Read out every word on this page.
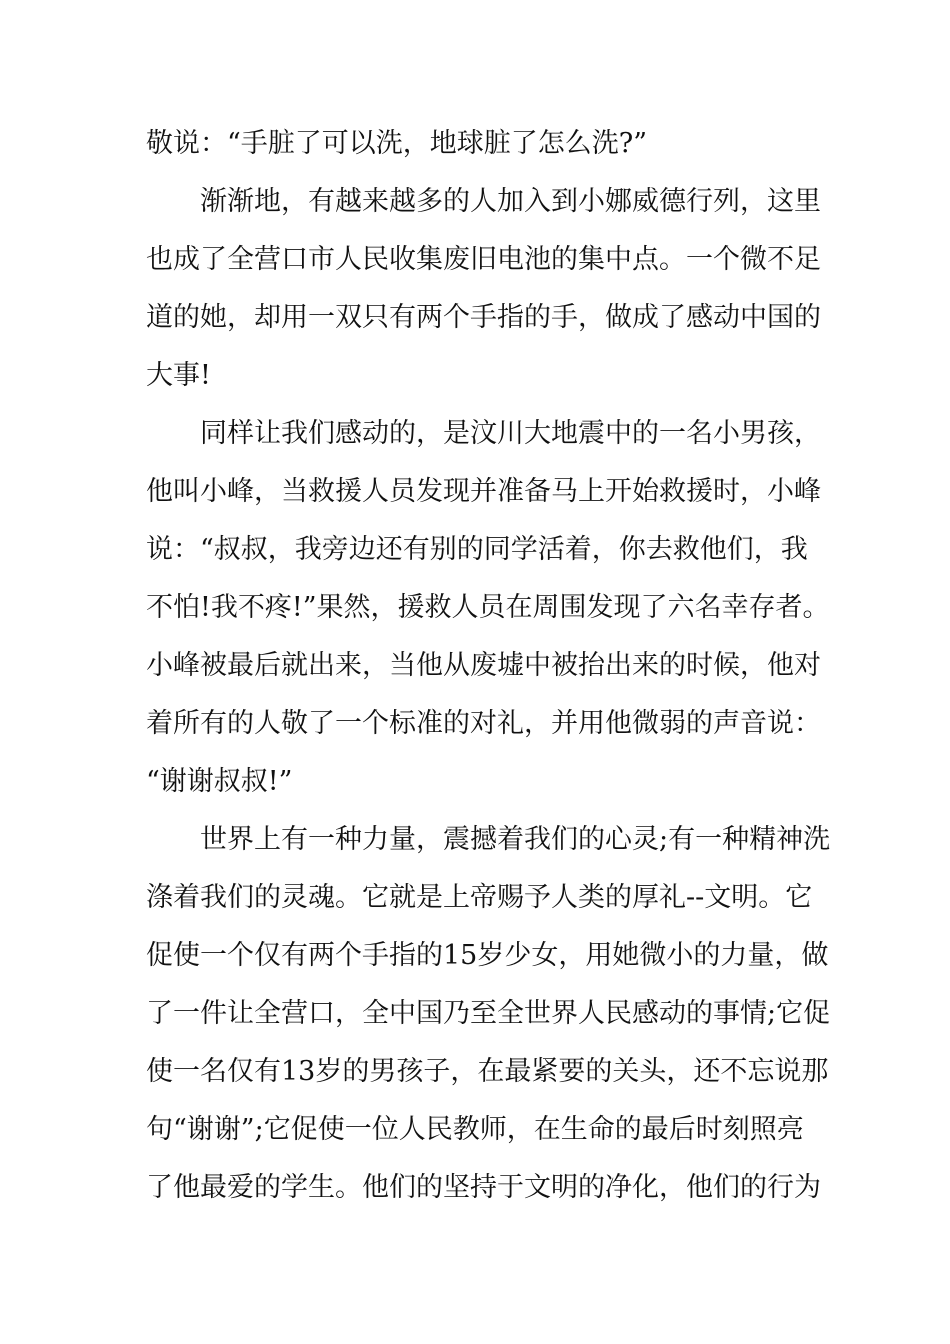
敬说：“手脏了可以洗，地球脏了怎么洗?”
渐渐地，有越来越多的人加入到小娜威德行列，这里
也成了全营口市人民收集废旧电池的集中点。一个微不足
道的她，却用一双只有两个手指的手，做成了感动中国的
大事!
同样让我们感动的，是汶川大地震中的一名小男孩，
他叫小峰，当救援人员发现并准备马上开始救援时，小峰
说：“叔叔，我旁边还有别的同学活着，你去救他们，我
不怕!我不疼!”果然，援救人员在周围发现了六名幸存者。
小峰被最后就出来，当他从废墟中被抬出来的时候，他对
着所有的人敬了一个标准的对礼，并用他微弱的声音说：
“谢谢叔叔!”
世界上有一种力量，震撼着我们的心灵;有一种精神洗
涤着我们的灵魂。它就是上帝赐予人类的厚礼--文明。它
促使一个仅有两个手指的15岁少女，用她微小的力量，做
了一件让全营口，全中国乃至全世界人民感动的事情;它促
使一名仅有13岁的男孩子，在最紧要的关头，还不忘说那
句“谢谢”;它促使一位人民教师，在生命的最后时刻照亮
了他最爱的学生。他们的坚持于文明的净化，他们的行为
